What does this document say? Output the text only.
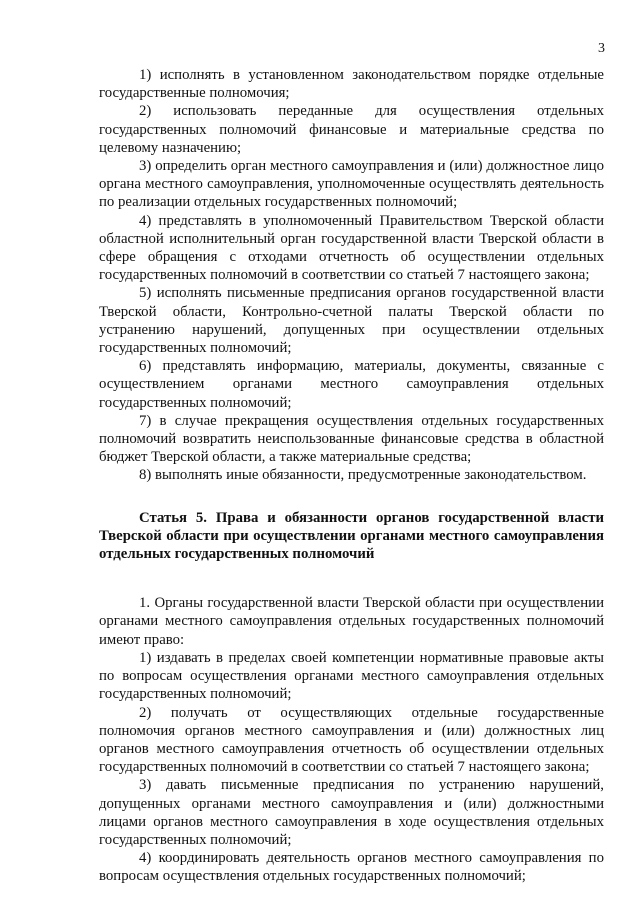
3

1) исполнять в установленном законодательством порядке отдельные государственные полномочия;

2) использовать переданные для осуществления отдельных государственных полномочий финансовые и материальные средства по целевому назначению;

3) определить орган местного самоуправления и (или) должностное лицо органа местного самоуправления, уполномоченные осуществлять деятельность по реализации отдельных государственных полномочий;

4) представлять в уполномоченный Правительством Тверской области областной исполнительный орган государственной власти Тверской области в сфере обращения с отходами отчетность об осуществлении отдельных государственных полномочий в соответствии со статьей 7 настоящего закона;

5) исполнять письменные предписания органов государственной власти Тверской области, Контрольно-счетной палаты Тверской области по устранению нарушений, допущенных при осуществлении отдельных государственных полномочий;

6) представлять информацию, материалы, документы, связанные с осуществлением органами местного самоуправления отдельных государственных полномочий;

7) в случае прекращения осуществления отдельных государственных полномочий возвратить неиспользованные финансовые средства в областной бюджет Тверской области, а также материальные средства;

8) выполнять иные обязанности, предусмотренные законодательством.

Статья 5. Права и обязанности органов государственной власти Тверской области при осуществлении органами местного самоуправления отдельных государственных полномочий

1. Органы государственной власти Тверской области при осуществлении органами местного самоуправления отдельных государственных полномочий имеют право:

1) издавать в пределах своей компетенции нормативные правовые акты по вопросам осуществления органами местного самоуправления отдельных государственных полномочий;

2) получать от осуществляющих отдельные государственные полномочия органов местного самоуправления и (или) должностных лиц органов местного самоуправления отчетность об осуществлении отдельных государственных полномочий в соответствии со статьей 7 настоящего закона;

3) давать письменные предписания по устранению нарушений, допущенных органами местного самоуправления и (или) должностными лицами органов местного самоуправления в ходе осуществления отдельных государственных полномочий;

4) координировать деятельность органов местного самоуправления по вопросам осуществления отдельных государственных полномочий;
